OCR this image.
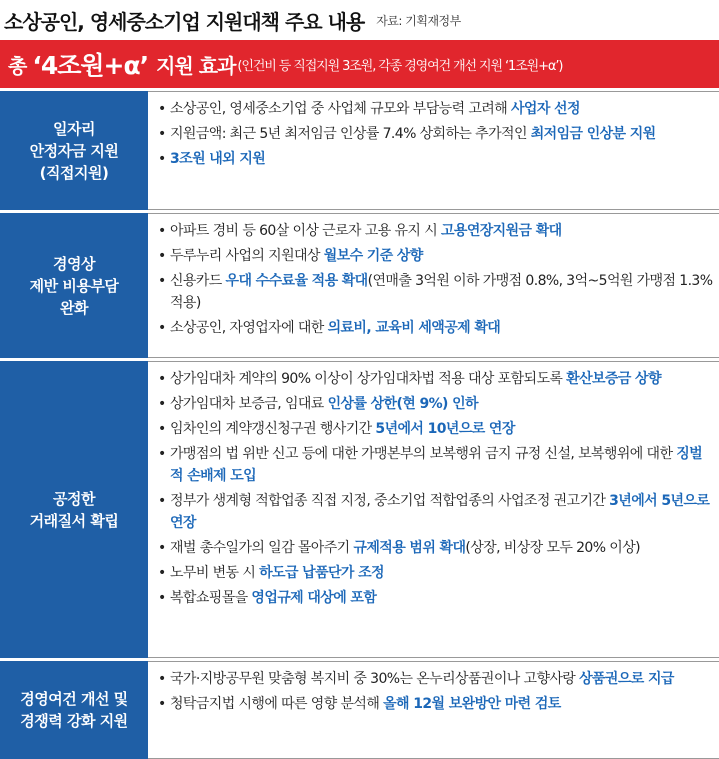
소상공인, 영세중소기업 지원대책 주요 내용 자료: 기획재정부
총 ‘4조원+α’ 지원 효과 (인건비 등 직접지원 3조원, 각종 경영여건 개선 지원 ‘1조원+α’)
일자리
안정자금 지원
(직접지원)
• 소상공인, 영세중소기업 중 사업체 규모와 부담능력 고려해 사업자 선정
• 지원금액: 최근 5년 최저임금 인상률 7.4% 상회하는 추가적인 최저임금 인상분 지원
• 3조원 내외 지원
경영상
제반 비용부담
완화
• 아파트 경비 등 60살 이상 근로자 고용 유지 시 고용연장지원금 확대
• 두루누리 사업의 지원대상 월보수 기준 상향
• 신용카드 우대 수수료율 적용 확대(연매출 3억원 이하 가맹점 0.8%, 3억~5억원 가맹점 1.3% 적용)
• 소상공인, 자영업자에 대한 의료비, 교육비 세액공제 확대
공정한
거래질서 확립
• 상가임대차 계약의 90% 이상이 상가임대차법 적용 대상 포함되도록 환산보증금 상향
• 상가임대차 보증금, 임대료 인상률 상한(현 9%) 인하
• 임차인의 계약갱신청구권 행사기간 5년에서 10년으로 연장
• 가맹점의 법 위반 신고 등에 대한 가맹본부의 보복행위 금지 규정 신설, 보복행위에 대한 징벌적 손배제 도입
• 정부가 생계형 적합업종 직접 지정, 중소기업 적합업종의 사업조정 권고기간 3년에서 5년으로 연장
• 재벌 총수일가의 일감 몰아주기 규제적용 범위 확대(상장, 비상장 모두 20% 이상)
• 노무비 변동 시 하도급 납품단가 조정
• 복합쇼핑몰을 영업규제 대상에 포함
경영여건 개선 및
경쟁력 강화 지원
• 국가·지방공무원 맞춤형 복지비 중 30%는 온누리상품권이나 고향사랑 상품권으로 지급
• 청탁금지법 시행에 따른 영향 분석해 올해 12월 보완방안 마련 검토
